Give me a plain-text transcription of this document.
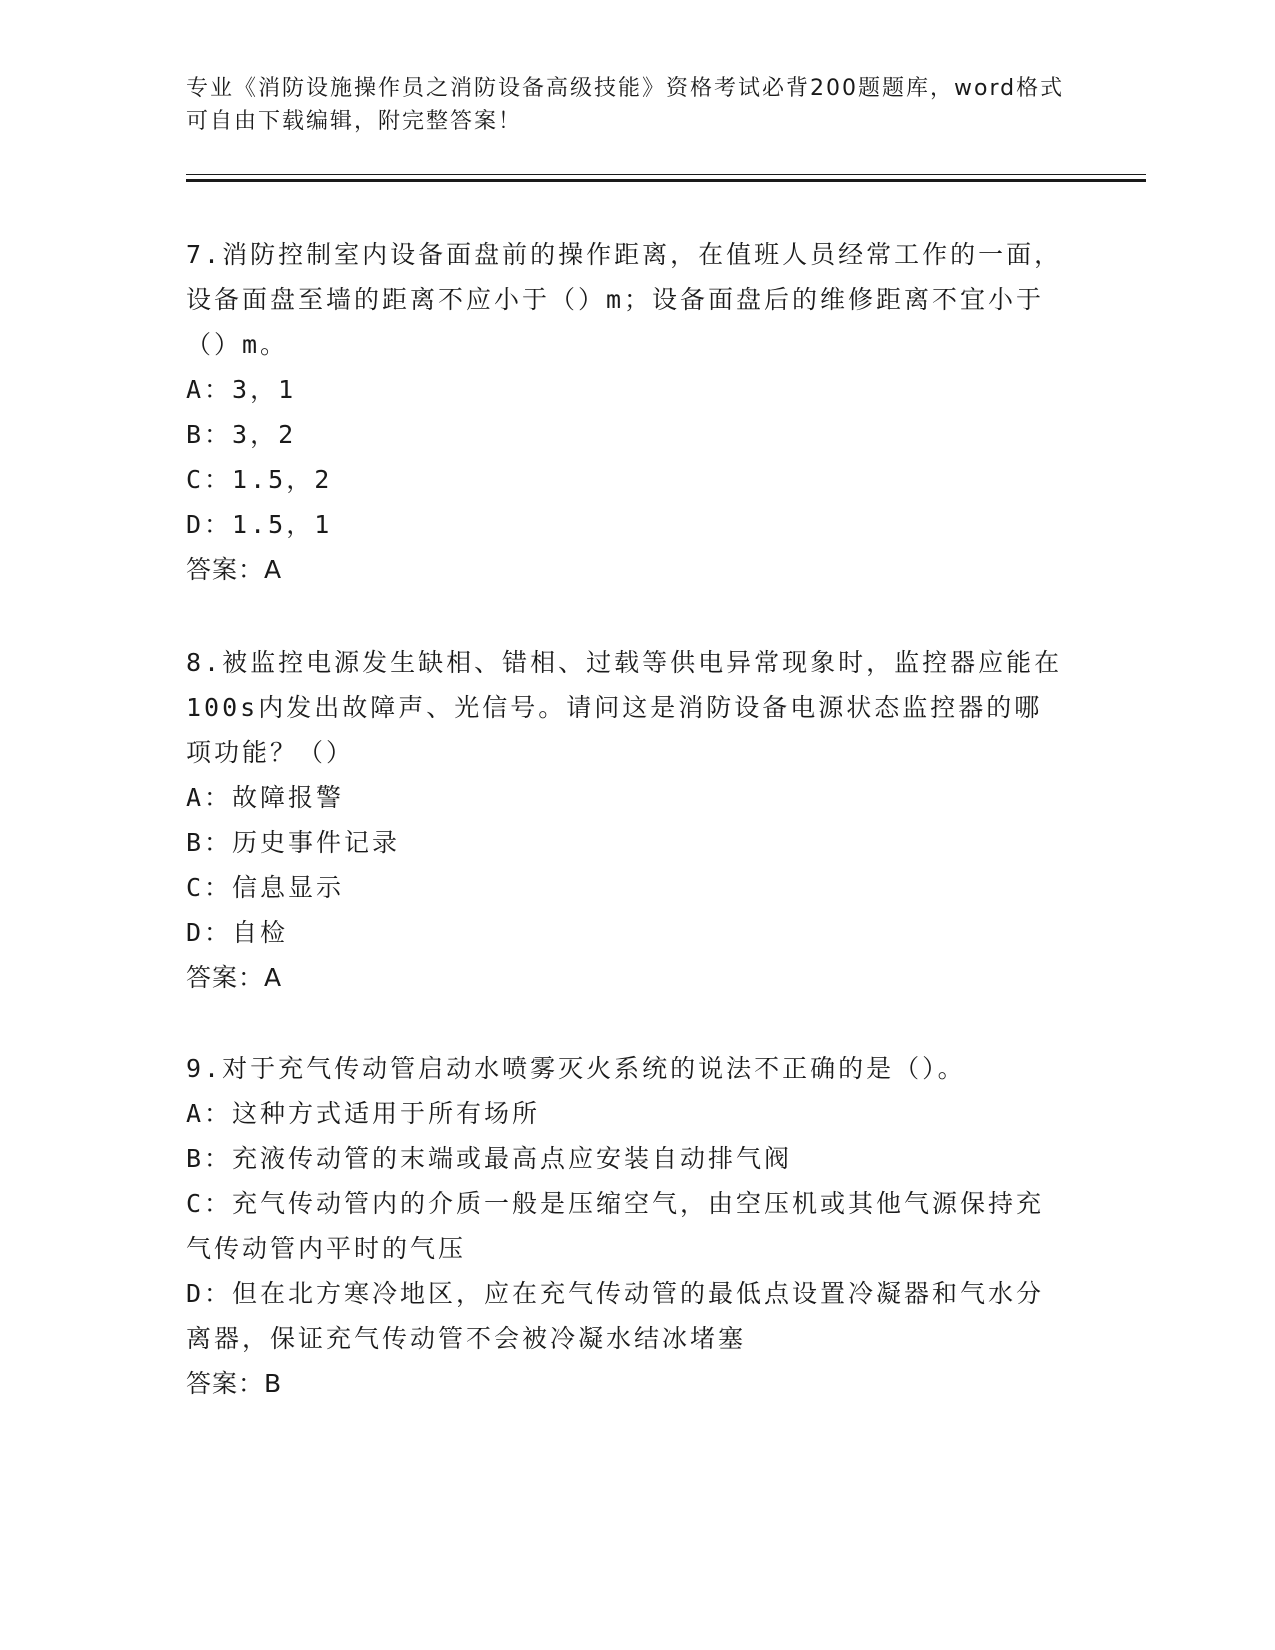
专业《消防设施操作员之消防设备高级技能》资格考试必背200题题库，word格式可自由下载编辑，附完整答案！

7.消防控制室内设备面盘前的操作距离，在值班人员经常工作的一面，设备面盘至墙的距离不应小于（）m；设备面盘后的维修距离不宜小于（）m。

A：3，1

B：3，2

C：1.5，2

D：1.5，1

答案：A

8.被监控电源发生缺相、错相、过载等供电异常现象时，监控器应能在100s内发出故障声、光信号。请问这是消防设备电源状态监控器的哪项功能？（）

A：故障报警

B：历史事件记录

C：信息显示

D：自检

答案：A

9.对于充气传动管启动水喷雾灭火系统的说法不正确的是（）。

A：这种方式适用于所有场所

B：充液传动管的末端或最高点应安装自动排气阀

C：充气传动管内的介质一般是压缩空气，由空压机或其他气源保持充气传动管内平时的气压

D：但在北方寒冷地区，应在充气传动管的最低点设置冷凝器和气水分离器，保证充气传动管不会被冷凝水结冰堵塞

答案：B
